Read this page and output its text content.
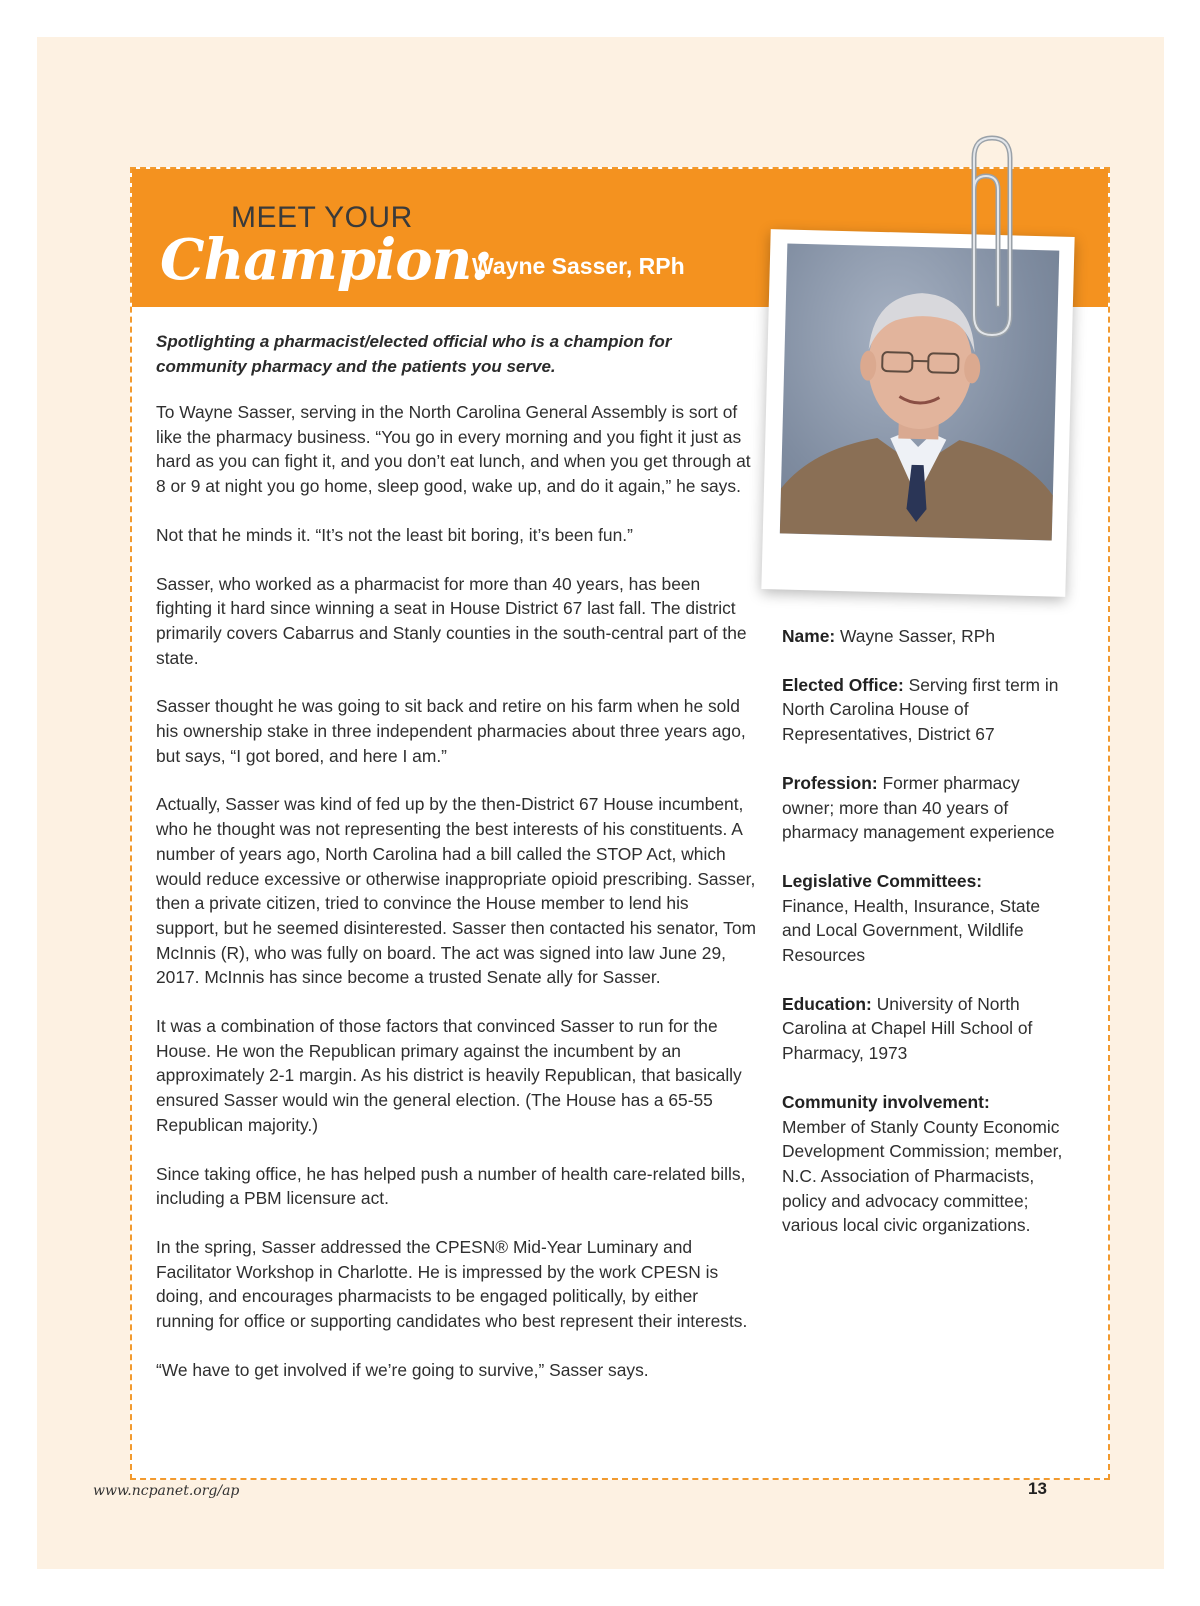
MEET YOUR
Champion:
Wayne Sasser, RPh
Spotlighting a pharmacist/elected official who is a champion for community pharmacy and the patients you serve.

To Wayne Sasser, serving in the North Carolina General Assembly is sort of like the pharmacy business. “You go in every morning and you fight it just as hard as you can fight it, and you don’t eat lunch, and when you get through at 8 or 9 at night you go home, sleep good, wake up, and do it again,” he says.

Not that he minds it. “It’s not the least bit boring, it’s been fun.”

Sasser, who worked as a pharmacist for more than 40 years, has been fighting it hard since winning a seat in House District 67 last fall. The district primarily covers Cabarrus and Stanly counties in the south-central part of the state.

Sasser thought he was going to sit back and retire on his farm when he sold his ownership stake in three independent pharmacies about three years ago, but says, “I got bored, and here I am.”

Actually, Sasser was kind of fed up by the then-District 67 House incumbent, who he thought was not representing the best interests of his constituents. A number of years ago, North Carolina had a bill called the STOP Act, which would reduce excessive or otherwise inappropriate opioid prescribing. Sasser, then a private citizen, tried to convince the House member to lend his support, but he seemed disinterested. Sasser then contacted his senator, Tom McInnis (R), who was fully on board. The act was signed into law June 29, 2017. McInnis has since become a trusted Senate ally for Sasser.

It was a combination of those factors that convinced Sasser to run for the House. He won the Republican primary against the incumbent by an approximately 2-1 margin. As his district is heavily Republican, that basically ensured Sasser would win the general election. (The House has a 65-55 Republican majority.)

Since taking office, he has helped push a number of health care-related bills, including a PBM licensure act.

In the spring, Sasser addressed the CPESN® Mid-Year Luminary and Facilitator Workshop in Charlotte. He is impressed by the work CPESN is doing, and encourages pharmacists to be engaged politically, by either running for office or supporting candidates who best represent their interests.

“We have to get involved if we’re going to survive,” Sasser says.

Name: Wayne Sasser, RPh

Elected Office: Serving first term in North Carolina House of Representatives, District 67

Profession: Former pharmacy owner; more than 40 years of pharmacy management experience

Legislative Committees:
Finance, Health, Insurance, State and Local Government, Wildlife Resources

Education: University of North Carolina at Chapel Hill School of Pharmacy, 1973

Community involvement:
Member of Stanly County Economic Development Commission; member, N.C. Association of Pharmacists, policy and advocacy committee; various local civic organizations.

www.ncpanet.org/ap	13
